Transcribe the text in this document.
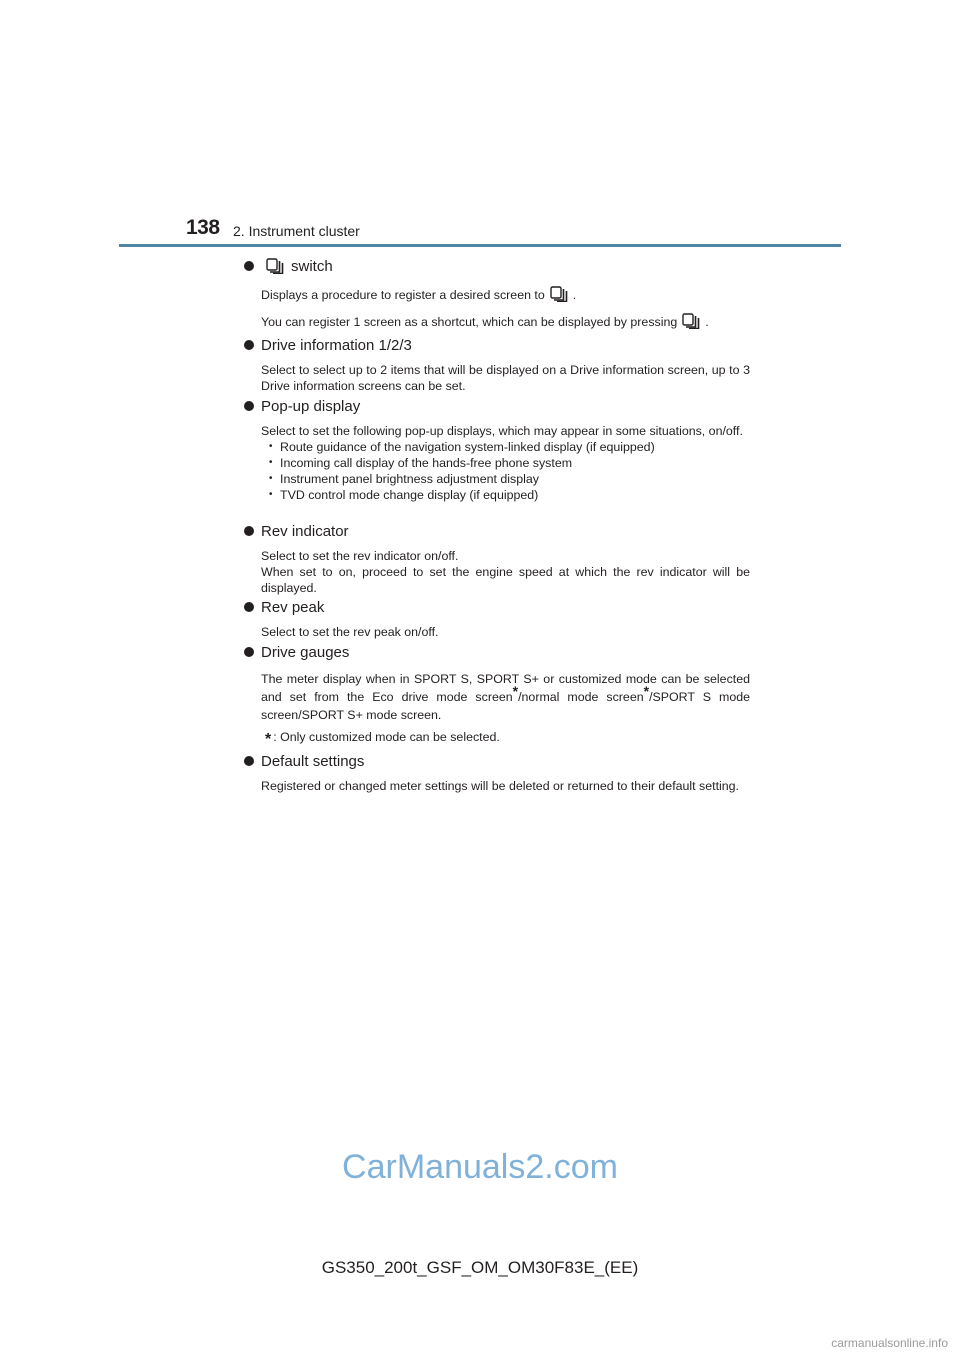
138 2. Instrument cluster
switch

Displays a procedure to register a desired screen to .

You can register 1 screen as a shortcut, which can be displayed by pressing .

Drive information 1/2/3
Select to select up to 2 items that will be displayed on a Drive information screen, up to 3 Drive information screens can be set.
Pop-up display

Select to set the following pop-up displays, which may appear in some situations, on/off.

• Route guidance of the navigation system-linked display (if equipped)
• Incoming call display of the hands-free phone system
• Instrument panel brightness adjustment display
• TVD control mode change display (if equipped)
Rev indicator

Select to set the rev indicator on/off.

When set to on, proceed to set the engine speed at which the rev indicator will be displayed.

Rev peak
Select to set the rev peak on/off.
Drive gauges

The meter display when in SPORT S, SPORT S+ or customized mode can be selected and set from the Eco drive mode screen*/normal mode screen*/SPORT S mode screen/SPORT S+ mode screen.

* : Only customized mode can be selected.
Default settings
Registered or changed meter settings will be deleted or returned to their default setting.
CarManuals2.com
GS350_200t_GSF_OM_OM30F83E_(EE)
carmanualsonline.info
